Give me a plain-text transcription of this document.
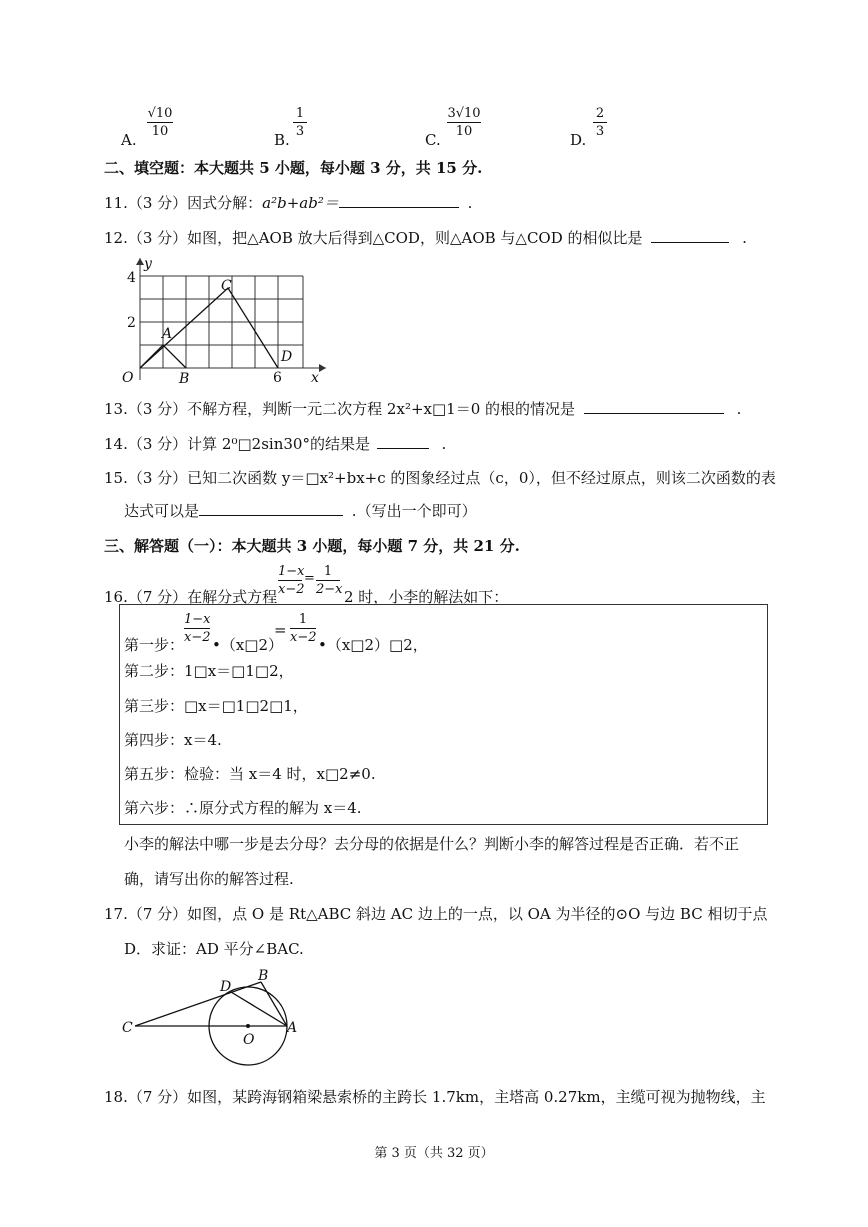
A.
√10
10	B.
1
3	C.
3√10
10	D.
2
3
二、填空题：本大题共 5 小题，每小题 3 分，共 15 分.
11.（3 分）因式分解：a²b+ab²＝	.
12.（3 分）如图，把△AOB 放大后得到△COD，则△AOB 与△COD 的相似比是	.
y
x
4
2
O	6
A
B
C
D
13.（3 分）不解方程，判断一元二次方程 2x²+x□1＝0 的根的情况是	.
14.（3 分）计算 2⁰□2sin30°的结果是	.
15.（3 分）已知二次函数 y＝□x²+bx+c 的图象经过点（c，0），但不经过原点，则该二次函数的表
达式可以是	.（写出一个即可）
三、解答题（一）：本大题共 3 小题，每小题 7 分，共 21 分.
16.（7 分）在解分式方程
1−x
x−2
= 1
2−x 2 时，小李的解法如下：
第一步：
1−x
x−2 •（x□2）
=
1
x−2 •（x□2）□2，
第二步：1□x＝□1□2，
第三步：□x＝□1□2□1，
第四步：x＝4.
第五步：检验：当 x＝4 时，x□2≠0.
第六步：∴原分式方程的解为 x＝4.
小李的解法中哪一步是去分母？去分母的依据是什么？判断小李的解答过程是否正确．若不正
确，请写出你的解答过程.
17.（7 分）如图，点 O 是 Rt△ABC 斜边 AC 边上的一点，以 OA 为半径的⊙O 与边 BC 相切于点
D．求证：AD 平分∠BAC.
B
D
C
O
A
18.（7 分）如图，某跨海钢箱梁悬索桥的主跨长 1.7km，主塔高 0.27km，主缆可视为抛物线，主
第 3 页（共 32 页）
